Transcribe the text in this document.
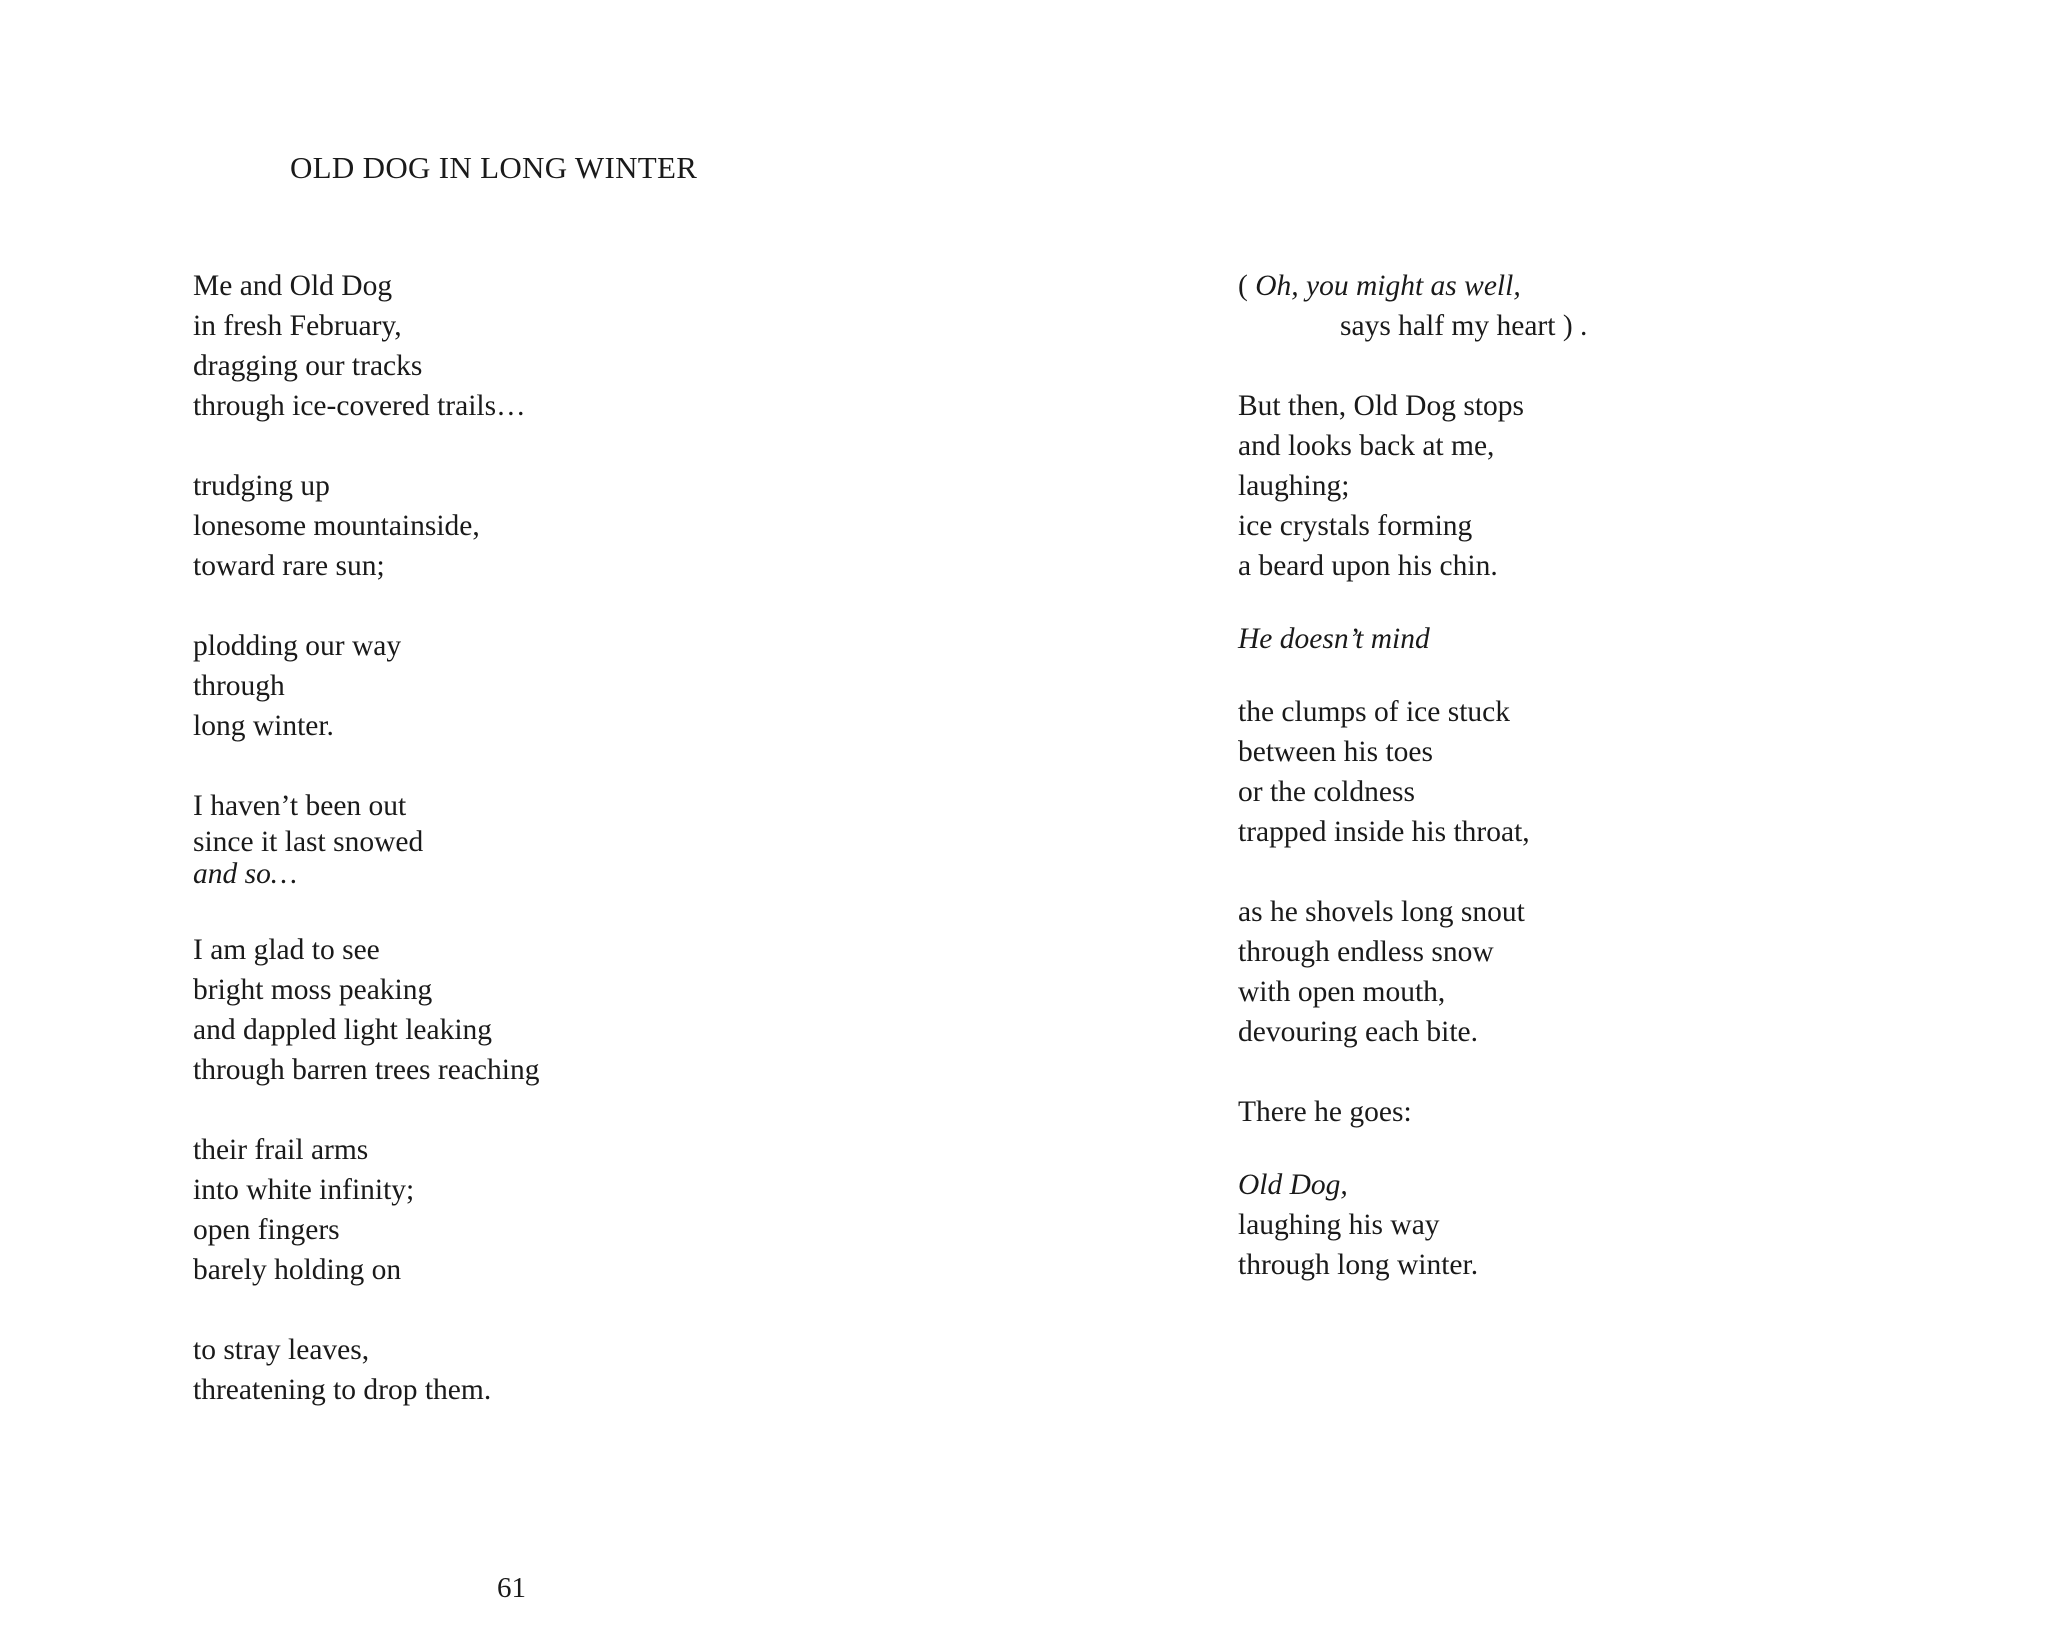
OLD DOG IN LONG WINTER
Me and Old Dog
in fresh February,
dragging our tracks
through ice-covered trails…
trudging up
lonesome mountainside,
toward rare sun;
plodding our way
through
long winter.
I haven’t been out
since it last snowed
and so…
I am glad to see
bright moss peaking
and dappled light leaking
through barren trees reaching
their frail arms
into white infinity;
open fingers
barely holding on
to stray leaves,
threatening to drop them.
( Oh, you might as well,
says half my heart ) .
But then, Old Dog stops
and looks back at me,
laughing;
ice crystals forming
a beard upon his chin.
He doesn’t mind
the clumps of ice stuck
between his toes
or the coldness
trapped inside his throat,
as he shovels long snout
through endless snow
with open mouth,
devouring each bite.
There he goes:
Old Dog,
laughing his way
through long winter.
61
